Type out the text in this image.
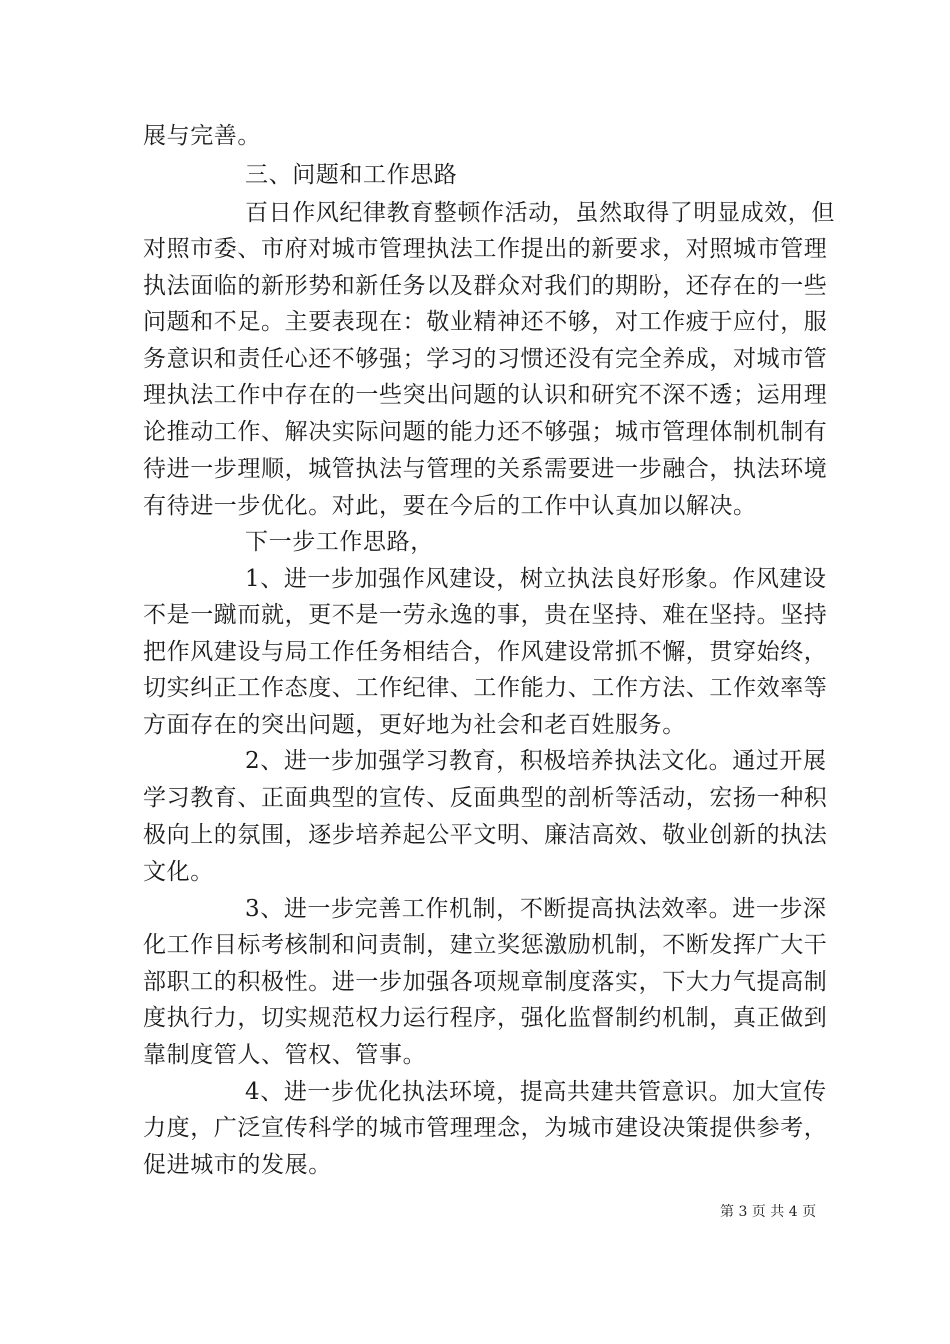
展与完善。
三、问题和工作思路
百日作风纪律教育整顿作活动，虽然取得了明显成效，但
对照市委、市府对城市管理执法工作提出的新要求，对照城市管理
执法面临的新形势和新任务以及群众对我们的期盼，还存在的一些
问题和不足。主要表现在：敬业精神还不够，对工作疲于应付，服
务意识和责任心还不够强；学习的习惯还没有完全养成，对城市管
理执法工作中存在的一些突出问题的认识和研究不深不透；运用理
论推动工作、解决实际问题的能力还不够强；城市管理体制机制有
待进一步理顺，城管执法与管理的关系需要进一步融合，执法环境
有待进一步优化。对此，要在今后的工作中认真加以解决。
下一步工作思路，
1、进一步加强作风建设，树立执法良好形象。作风建设
不是一蹴而就，更不是一劳永逸的事，贵在坚持、难在坚持。坚持
把作风建设与局工作任务相结合，作风建设常抓不懈，贯穿始终，
切实纠正工作态度、工作纪律、工作能力、工作方法、工作效率等
方面存在的突出问题，更好地为社会和老百姓服务。
2、进一步加强学习教育，积极培养执法文化。通过开展
学习教育、正面典型的宣传、反面典型的剖析等活动，宏扬一种积
极向上的氛围，逐步培养起公平文明、廉洁高效、敬业创新的执法
文化。
3、进一步完善工作机制，不断提高执法效率。进一步深
化工作目标考核制和问责制，建立奖惩激励机制，不断发挥广大干
部职工的积极性。进一步加强各项规章制度落实，下大力气提高制
度执行力，切实规范权力运行程序，强化监督制约机制，真正做到
靠制度管人、管权、管事。
4、进一步优化执法环境，提高共建共管意识。加大宣传
力度，广泛宣传科学的城市管理理念，为城市建设决策提供参考，
促进城市的发展。
第 3 页 共 4 页
